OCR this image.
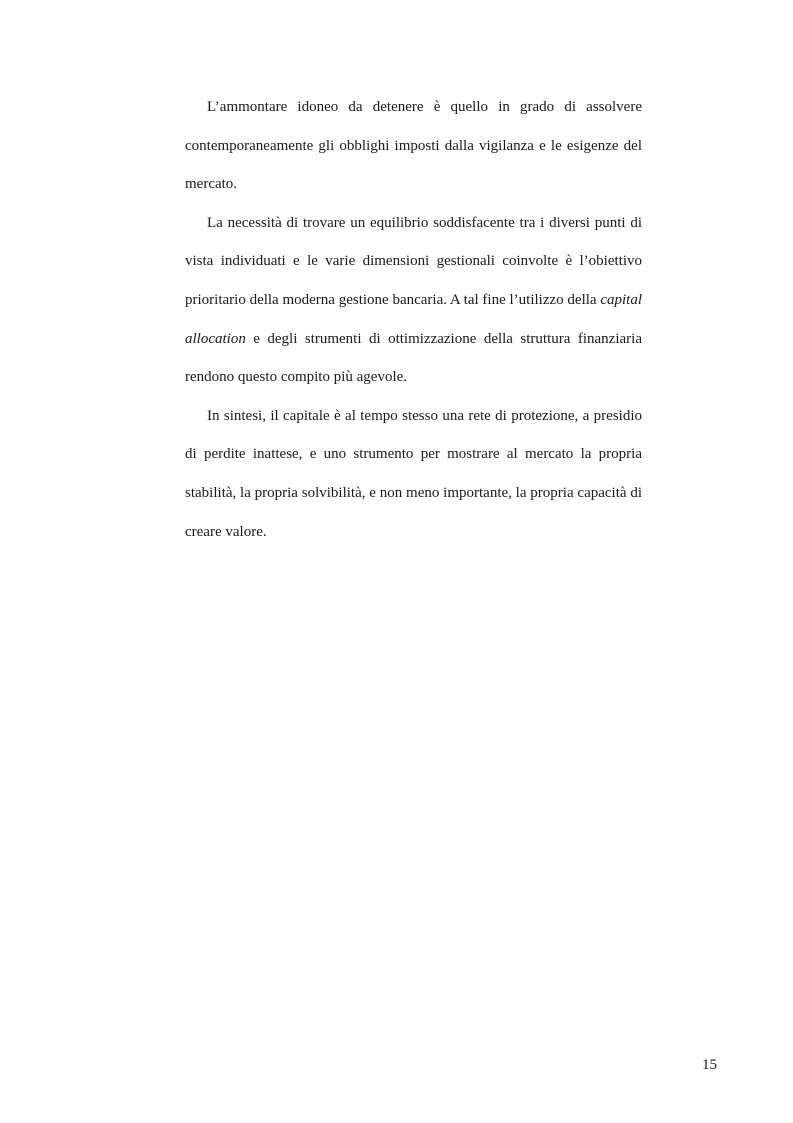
L’ammontare idoneo da detenere è quello in grado di assolvere contemporaneamente gli obblighi imposti dalla vigilanza e le esigenze del mercato.

La necessità di trovare un equilibrio soddisfacente tra i diversi punti di vista individuati e le varie dimensioni gestionali coinvolte è l’obiettivo prioritario della moderna gestione bancaria. A tal fine l’utilizzo della capital allocation e degli strumenti di ottimizzazione della struttura finanziaria rendono questo compito più agevole.

In sintesi, il capitale è al tempo stesso una rete di protezione, a presidio di perdite inattese, e uno strumento per mostrare al mercato la propria stabilità, la propria solvibilità, e non meno importante, la propria capacità di creare valore.

15
